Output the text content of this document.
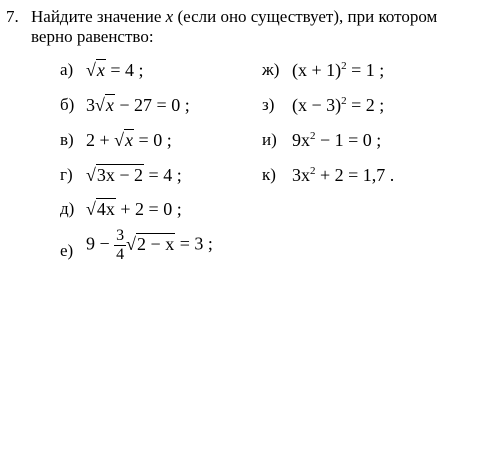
7. Найдите значение x (если оно существует), при котором
верно равенство:
а) √x = 4 ;
б) 3√x − 27 = 0 ;
в) 2 + √x = 0 ;
г) √3x − 2 = 4 ;
д) √4x + 2 = 0 ;
е) $9 - \frac{3}{4} √2 - x = 3$ ;
ж) $(x + 1)^2 = 1$ ;
з) $(x - 3)^2 = 2$ ;
и) $9x^2 - 1 = 0$ ;
к) $3x^2 + 2 = 1,7$ .
